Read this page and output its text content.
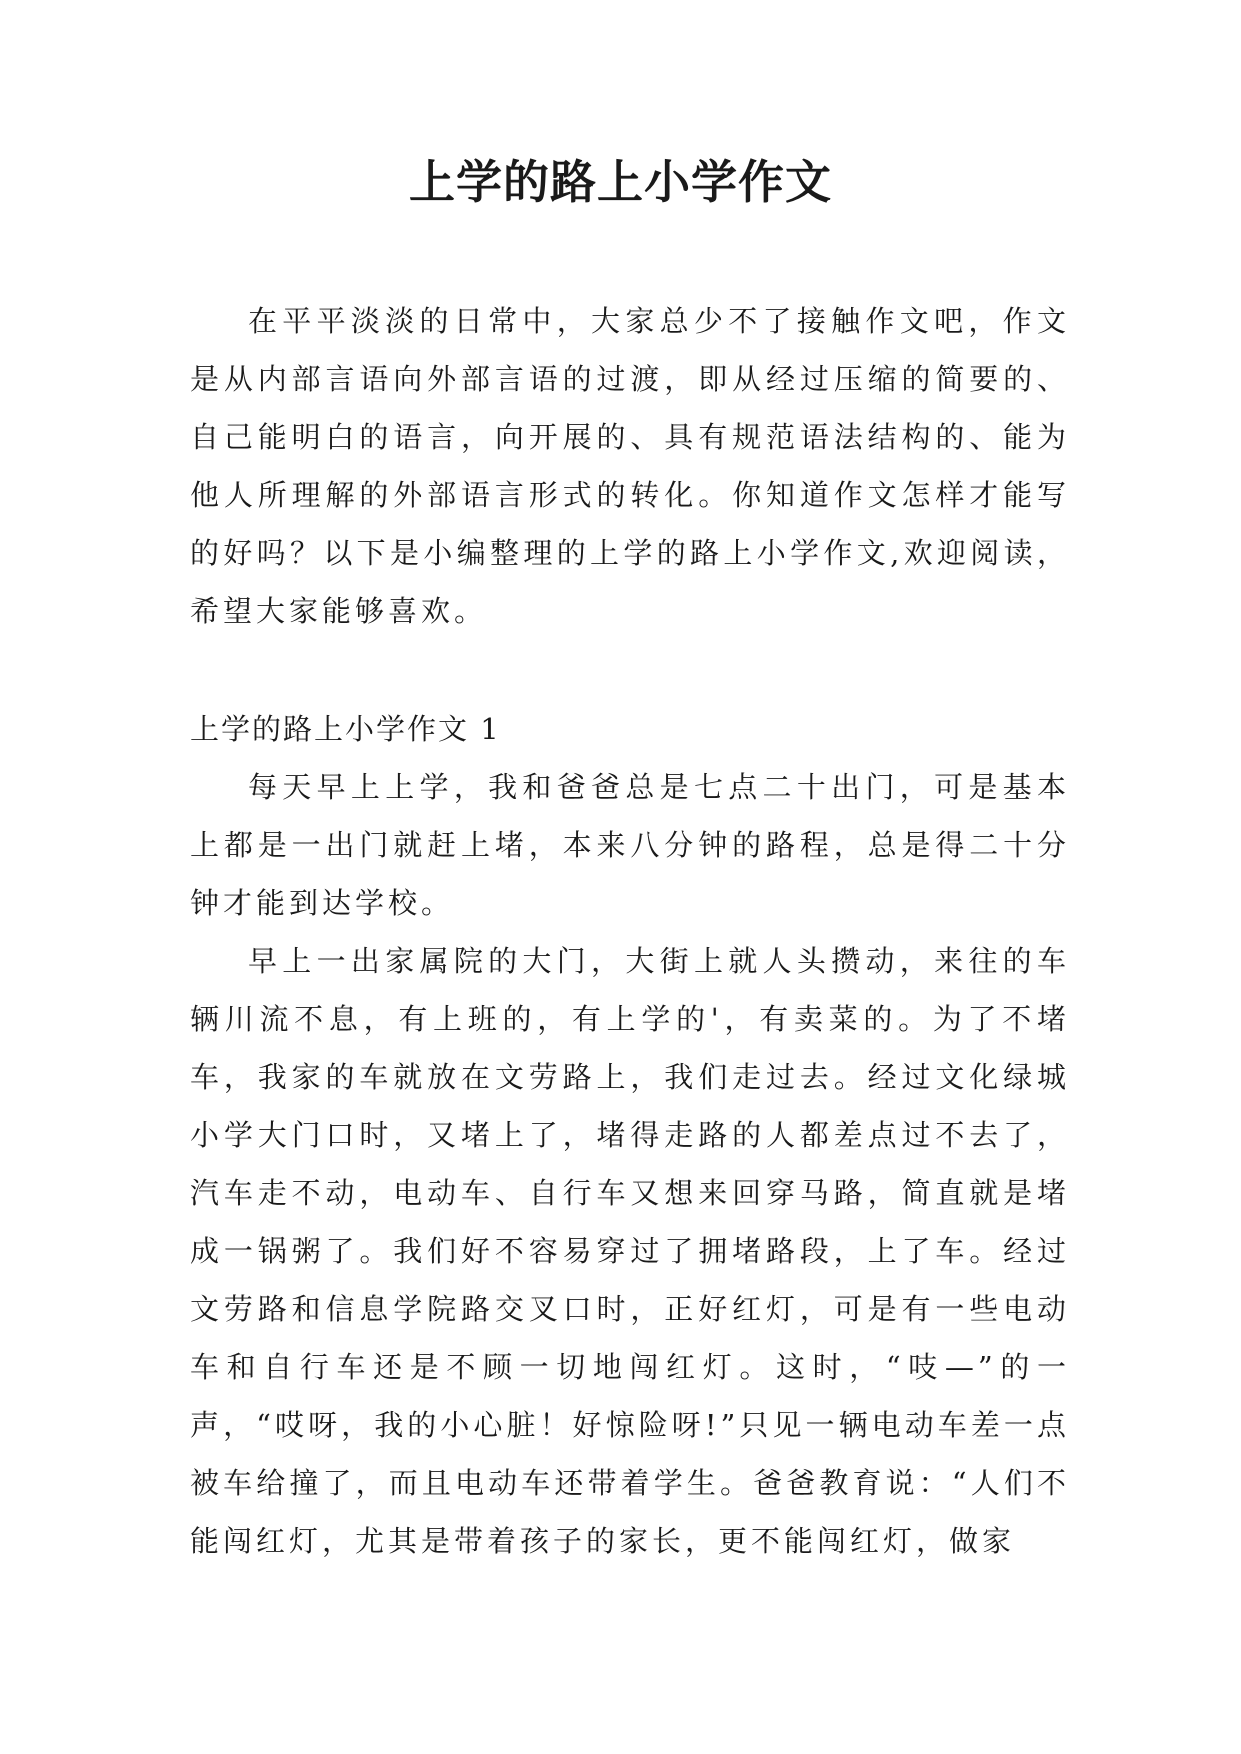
上学的路上小学作文

在平平淡淡的日常中，大家总少不了接触作文吧，作文是从内部言语向外部言语的过渡，即从经过压缩的简要的、自己能明白的语言，向开展的、具有规范语法结构的、能为他人所理解的外部语言形式的转化。你知道作文怎样才能写的好吗？以下是小编整理的上学的路上小学作文,欢迎阅读，希望大家能够喜欢。

上学的路上小学作文 1

每天早上上学，我和爸爸总是七点二十出门，可是基本上都是一出门就赶上堵，本来八分钟的路程，总是得二十分钟才能到达学校。

早上一出家属院的大门，大街上就人头攒动，来往的车辆川流不息，有上班的，有上学的'，有卖菜的。为了不堵车，我家的车就放在文劳路上，我们走过去。经过文化绿城小学大门口时，又堵上了，堵得走路的人都差点过不去了，汽车走不动，电动车、自行车又想来回穿马路，简直就是堵成一锅粥了。我们好不容易穿过了拥堵路段，上了车。经过文劳路和信息学院路交叉口时，正好红灯，可是有一些电动车和自行车还是不顾一切地闯红灯。这时，“吱—”的一声，“哎呀，我的小心脏！好惊险呀!”只见一辆电动车差一点被车给撞了，而且电动车还带着学生。爸爸教育说：“人们不能闯红灯，尤其是带着孩子的家长，更不能闯红灯，做家
